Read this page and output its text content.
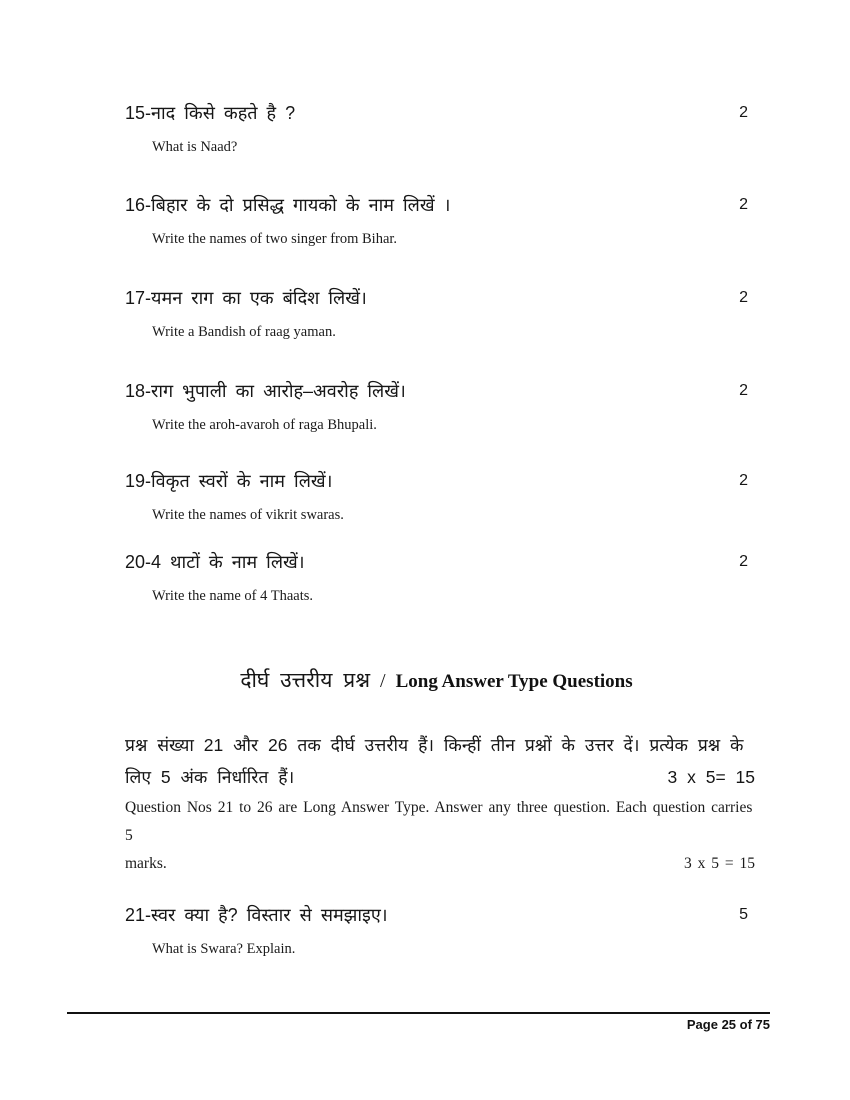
15-नाद किसे कहते है ?	2
What is Naad?
16-बिहार के दो प्रसिद्ध गायको के नाम लिखें ।	2
Write the names of two singer from Bihar.
17-यमन राग का एक बंदिश लिखें।	2
Write a Bandish of raag yaman.
18-राग भुपाली का आरोह–अवरोह लिखें।	2
Write the aroh-avaroh of raga Bhupali.
19-विकृत स्वरों के नाम लिखें।	2
Write the names of vikrit swaras.
20-4 थाटों के नाम लिखें।	2
Write the name of 4 Thaats.
दीर्घ उत्तरीय प्रश्न / Long Answer Type Questions
प्रश्न संख्या 21 और 26 तक दीर्घ उत्तरीय हैं। किन्हीं तीन प्रश्नों के उत्तर दें। प्रत्येक प्रश्न के
लिए 5 अंक निर्धारित हैं।	3 x 5= 15
Question Nos 21 to 26 are Long Answer Type. Answer any three question. Each question carries 5
marks.	3 x 5 = 15
21-स्वर क्या है? विस्तार से समझाइए।	5
What is Swara? Explain.
Page 25 of 75
